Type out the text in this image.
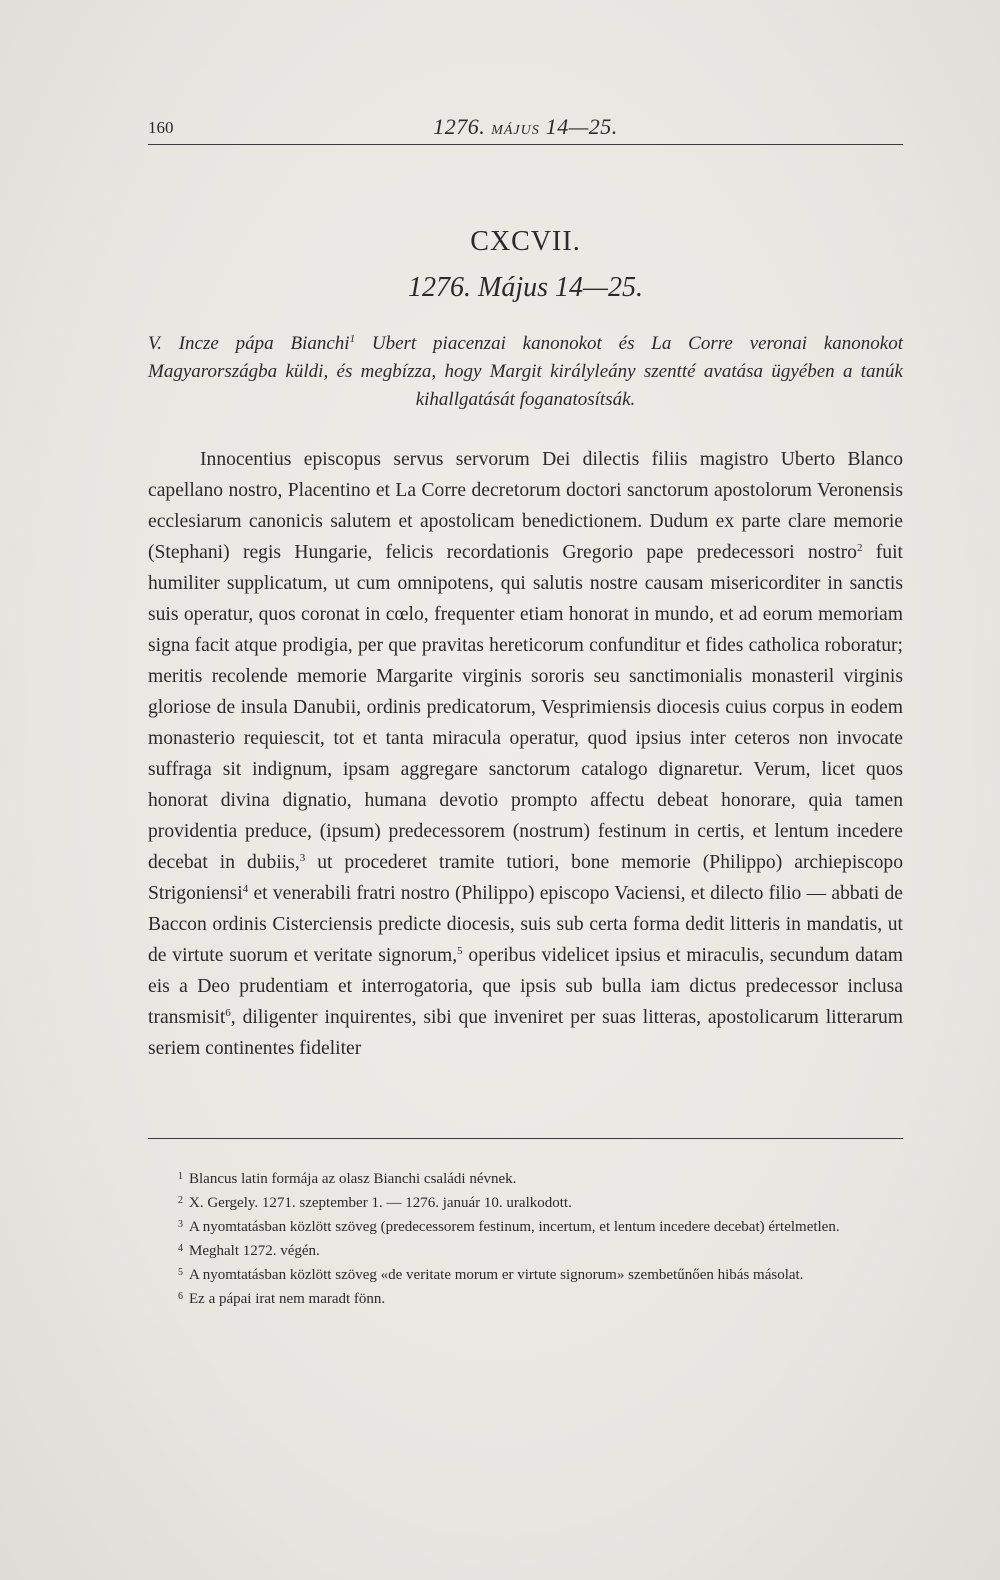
160	1276. MÁJUS 14—25.
CXCVII.
1276. Május 14—25.
V. Incze pápa Bianchi$^1$ Ubert piacenzai kanonokot és La Corre veronai kanonokot Magyarországba küldi, és megbízza, hogy Margit királyleány szentté avatása ügyében a tanúk kihallgatását foganatosítsák.

Innocentius episcopus servus servorum Dei dilectis filiis magistro Uberto Blanco capellano nostro, Placentino et La Corre decretorum doctori sanctorum apostolorum Veronensis ecclesiarum canonicis salutem et apostolicam benedictionem. Dudum ex parte clare memorie (Stephani) regis Hungarie, felicis recordationis Gregorio pape predecessori nostro$^2$ fuit humiliter supplicatum, ut cum omnipotens, qui salutis nostre causam misericorditer in sanctis suis operatur, quos coronat in cœlo, frequenter etiam honorat in mundo, et ad eorum memoriam signa facit atque prodigia, per que pravitas hereticorum confunditur et fides catholica roboratur; meritis recolende memorie Margarite virginis sororis seu sanctimonialis monasteril virginis gloriose de insula Danubii, ordinis predicatorum, Vesprimiensis diocesis cuius corpus in eodem monasterio requiescit, tot et tanta miracula operatur, quod ipsius inter ceteros non invocate suffraga sit indignum, ipsam aggregare sanctorum catalogo dignaretur. Verum, licet quos honorat divina dignatio, humana devotio prompto affectu debeat honorare, quia tamen providentia preduce, (ipsum) predecessorem (nostrum) festinum in certis, et lentum incedere decebat in dubiis,$^3$ ut procederet tramite tutiori, bone memorie (Philippo) archiepiscopo Strigoniensi$^4$ et venerabili fratri nostro (Philippo) episcopo Vaciensi, et dilecto filio — abbati de Baccon ordinis Cisterciensis predicte diocesis, suis sub certa forma dedit litteris in mandatis, ut de virtute suorum et veritate signorum,$^5$ operibus videlicet ipsius et miraculis, secundum datam eis a Deo prudentiam et interrogatoria, que ipsis sub bulla iam dictus predecessor inclusa transmisit$^6$, diligenter inquirentes, sibi que inveniret per suas litteras, apostolicarum litterarum seriem continentes fideliter

$^1$ Blancus latin formája az olasz Bianchi családi névnek.

$^2$ X. Gergely. 1271. szeptember 1. — 1276. január 10. uralkodott.

$^3$ A nyomtatásban közlött szöveg (predecessorem festinum, incertum, et lentum incedere decebat) értelmetlen.

$^4$ Meghalt 1272. végén.

$^5$ A nyomtatásban közlött szöveg «de veritate morum er virtute signorum» szembetűnően hibás másolat.

$^6$ Ez a pápai irat nem maradt fönn.
